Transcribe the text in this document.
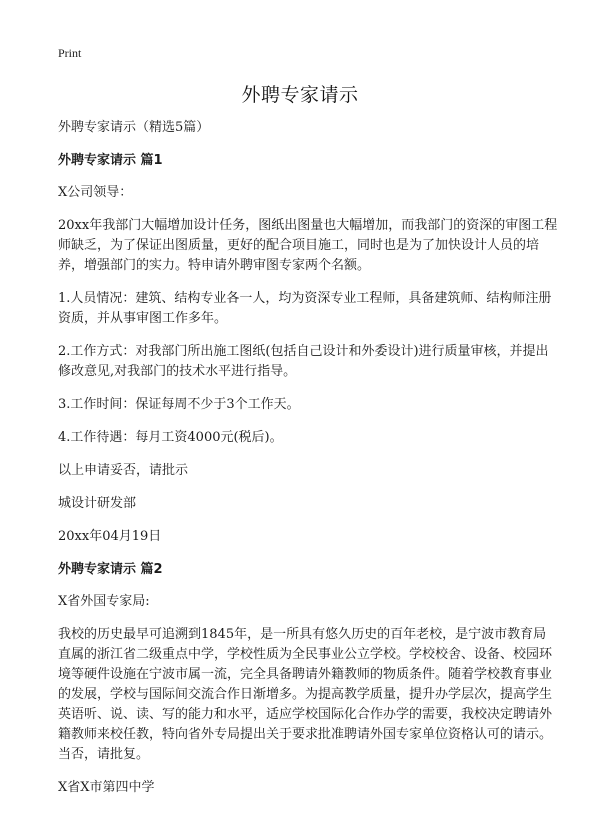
Print
外聘专家请示

外聘专家请示（精选5篇）

外聘专家请示 篇1

X公司领导：

20xx年我部门大幅增加设计任务，图纸出图量也大幅增加，而我部门的资深的审图工程师缺乏，为了保证出图质量，更好的配合项目施工，同时也是为了加快设计人员的培养，增强部门的实力。特申请外聘审图专家两个名额。

1.人员情况：建筑、结构专业各一人，均为资深专业工程师，具备建筑师、结构师注册资质，并从事审图工作多年。

2.工作方式：对我部门所出施工图纸(包括自己设计和外委设计)进行质量审核，并提出修改意见,对我部门的技术水平进行指导。

3.工作时间：保证每周不少于3个工作天。

4.工作待遇：每月工资4000元(税后)。

以上申请妥否，请批示

城设计研发部

20xx年04月19日

外聘专家请示 篇2

X省外国专家局:

我校的历史最早可追溯到1845年，是一所具有悠久历史的百年老校，是宁波市教育局直属的浙江省二级重点中学，学校性质为全民事业公立学校。学校校舍、设备、校园环境等硬件设施在宁波市属一流，完全具备聘请外籍教师的物质条件。随着学校教育事业的发展，学校与国际间交流合作日渐增多。为提高教学质量，提升办学层次，提高学生英语听、说、读、写的能力和水平，适应学校国际化合作办学的需要，我校决定聘请外籍教师来校任教，特向省外专局提出关于要求批准聘请外国专家单位资格认可的请示。当否，请批复。

X省X市第四中学
